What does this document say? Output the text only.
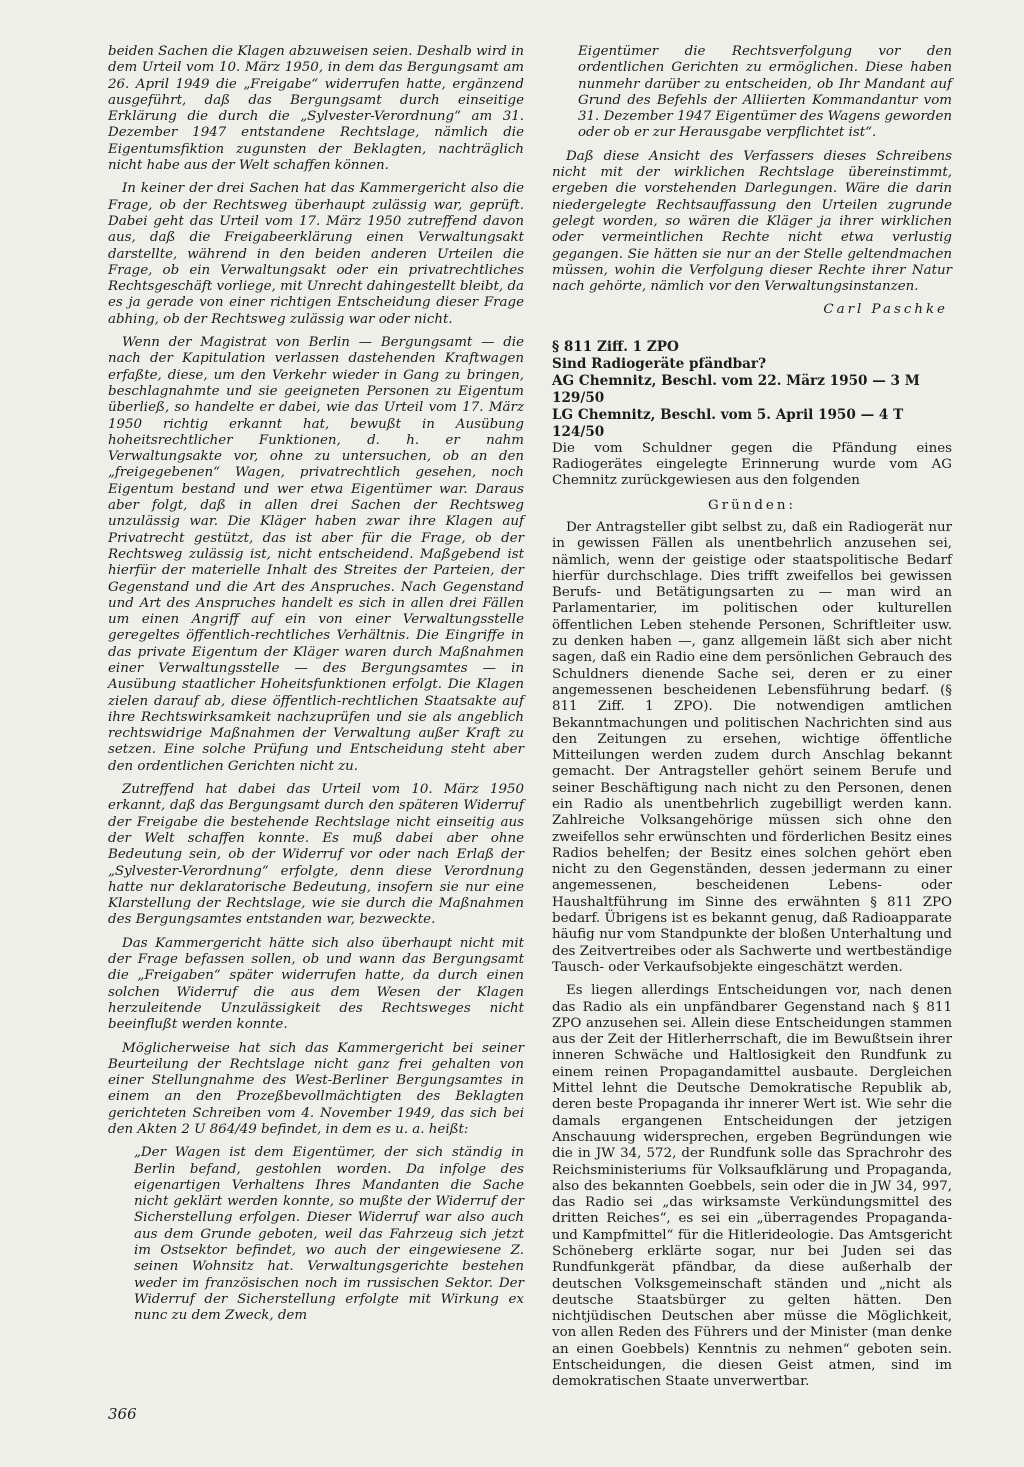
beiden Sachen die Klagen abzuweisen seien. Deshalb wird in dem Urteil vom 10. März 1950, in dem das Bergungsamt am 26. April 1949 die „Freigabe“ widerrufen hatte, ergänzend ausgeführt, daß das Bergungsamt durch einseitige Erklärung die durch die „Sylvester-Verordnung“ am 31. Dezember 1947 entstandene Rechtslage, nämlich die Eigentumsfiktion zugunsten der Beklagten, nachträglich nicht habe aus der Welt schaffen können.

In keiner der drei Sachen hat das Kammergericht also die Frage, ob der Rechtsweg überhaupt zulässig war, geprüft. Dabei geht das Urteil vom 17. März 1950 zutreffend davon aus, daß die Freigabeerklärung einen Verwaltungsakt darstellte, während in den beiden anderen Urteilen die Frage, ob ein Verwaltungsakt oder ein privatrechtliches Rechtsgeschäft vorliege, mit Unrecht dahingestellt bleibt, da es ja gerade von einer richtigen Entscheidung dieser Frage abhing, ob der Rechtsweg zulässig war oder nicht.

Wenn der Magistrat von Berlin — Bergungsamt — die nach der Kapitulation verlassen dastehenden Kraftwagen erfaßte, diese, um den Verkehr wieder in Gang zu bringen, beschlagnahmte und sie geeigneten Personen zu Eigentum überließ, so handelte er dabei, wie das Urteil vom 17. März 1950 richtig erkannt hat, bewußt in Ausübung hoheitsrechtlicher Funktionen, d. h. er nahm Verwaltungsakte vor, ohne zu untersuchen, ob an den „freigegebenen“ Wagen, privatrechtlich gesehen, noch Eigentum bestand und wer etwa Eigentümer war. Daraus aber folgt, daß in allen drei Sachen der Rechtsweg unzulässig war. Die Kläger haben zwar ihre Klagen auf Privatrecht gestützt, das ist aber für die Frage, ob der Rechtsweg zulässig ist, nicht entscheidend. Maßgebend ist hierfür der materielle Inhalt des Streites der Parteien, der Gegenstand und die Art des Anspruches. Nach Gegenstand und Art des Anspruches handelt es sich in allen drei Fällen um einen Angriff auf ein von einer Verwaltungsstelle geregeltes öffentlich-rechtliches Verhältnis. Die Eingriffe in das private Eigentum der Kläger waren durch Maßnahmen einer Verwaltungsstelle — des Bergungsamtes — in Ausübung staatlicher Hoheitsfunktionen erfolgt. Die Klagen zielen darauf ab, diese öffentlich-rechtlichen Staatsakte auf ihre Rechtswirksamkeit nachzuprüfen und sie als angeblich rechtswidrige Maßnahmen der Verwaltung außer Kraft zu setzen. Eine solche Prüfung und Entscheidung steht aber den ordentlichen Gerichten nicht zu.

Zutreffend hat dabei das Urteil vom 10. März 1950 erkannt, daß das Bergungsamt durch den späteren Widerruf der Freigabe die bestehende Rechtslage nicht einseitig aus der Welt schaffen konnte. Es muß dabei aber ohne Bedeutung sein, ob der Widerruf vor oder nach Erlaß der „Sylvester-Verordnung“ erfolgte, denn diese Verordnung hatte nur deklaratorische Bedeutung, insofern sie nur eine Klarstellung der Rechtslage, wie sie durch die Maßnahmen des Bergungsamtes entstanden war, bezweckte.

Das Kammergericht hätte sich also überhaupt nicht mit der Frage befassen sollen, ob und wann das Bergungsamt die „Freigaben“ später widerrufen hatte, da durch einen solchen Widerruf die aus dem Wesen der Klagen herzuleitende Unzulässigkeit des Rechtsweges nicht beeinflußt werden konnte.

Möglicherweise hat sich das Kammergericht bei seiner Beurteilung der Rechtslage nicht ganz frei gehalten von einer Stellungnahme des West-Berliner Bergungsamtes in einem an den Prozeßbevollmächtigten des Beklagten gerichteten Schreiben vom 4. November 1949, das sich bei den Akten 2 U 864/49 befindet, in dem es u. a. heißt:

„Der Wagen ist dem Eigentümer, der sich ständig in Berlin befand, gestohlen worden. Da infolge des eigenartigen Verhaltens Ihres Mandanten die Sache nicht geklärt werden konnte, so mußte der Widerruf der Sicherstellung erfolgen. Dieser Widerruf war also auch aus dem Grunde geboten, weil das Fahrzeug sich jetzt im Ostsektor befindet, wo auch der eingewiesene Z. seinen Wohnsitz hat. Verwaltungsgerichte bestehen weder im französischen noch im russischen Sektor. Der Widerruf der Sicherstellung erfolgte mit Wirkung ex nunc zu dem Zweck, dem

Eigentümer die Rechtsverfolgung vor den ordentlichen Gerichten zu ermöglichen. Diese haben nunmehr darüber zu entscheiden, ob Ihr Mandant auf Grund des Befehls der Alliierten Kommandantur vom 31. Dezember 1947 Eigentümer des Wagens geworden oder ob er zur Herausgabe verpflichtet ist“.

Daß diese Ansicht des Verfassers dieses Schreibens nicht mit der wirklichen Rechtslage übereinstimmt, ergeben die vorstehenden Darlegungen. Wäre die darin niedergelegte Rechtsauffassung den Urteilen zugrunde gelegt worden, so wären die Kläger ja ihrer wirklichen oder vermeintlichen Rechte nicht etwa verlustig gegangen. Sie hätten sie nur an der Stelle geltendmachen müssen, wohin die Verfolgung dieser Rechte ihrer Natur nach gehörte, nämlich vor den Verwaltungsinstanzen.

Carl Paschke

§ 811 Ziff. 1 ZPO
Sind Radiogeräte pfändbar?
AG Chemnitz, Beschl. vom 22. März 1950 — 3 M 129/50
LG Chemnitz, Beschl. vom 5. April 1950 — 4 T 124/50

Die vom Schuldner gegen die Pfändung eines Radiogerätes eingelegte Erinnerung wurde vom AG Chemnitz zurückgewiesen aus den folgenden

Gründen:

Der Antragsteller gibt selbst zu, daß ein Radiogerät nur in gewissen Fällen als unentbehrlich anzusehen sei, nämlich, wenn der geistige oder staatspolitische Bedarf hierfür durchschlage. Dies trifft zweifellos bei gewissen Berufs- und Betätigungsarten zu — man wird an Parlamentarier, im politischen oder kulturellen öffentlichen Leben stehende Personen, Schriftleiter usw. zu denken haben —, ganz allgemein läßt sich aber nicht sagen, daß ein Radio eine dem persönlichen Gebrauch des Schuldners dienende Sache sei, deren er zu einer angemessenen bescheidenen Lebensführung bedarf. (§ 811 Ziff. 1 ZPO). Die notwendigen amtlichen Bekanntmachungen und politischen Nachrichten sind aus den Zeitungen zu ersehen, wichtige öffentliche Mitteilungen werden zudem durch Anschlag bekannt gemacht. Der Antragsteller gehört seinem Berufe und seiner Beschäftigung nach nicht zu den Personen, denen ein Radio als unentbehrlich zugebilligt werden kann. Zahlreiche Volksangehörige müssen sich ohne den zweifellos sehr erwünschten und förderlichen Besitz eines Radios behelfen; der Besitz eines solchen gehört eben nicht zu den Gegenständen, dessen jedermann zu einer angemessenen, bescheidenen Lebens- oder Haushaltführung im Sinne des erwähnten § 811 ZPO bedarf. Übrigens ist es bekannt genug, daß Radioapparate häufig nur vom Standpunkte der bloßen Unterhaltung und des Zeitvertreibes oder als Sachwerte und wertbeständige Tausch- oder Verkaufsobjekte eingeschätzt werden.

Es liegen allerdings Entscheidungen vor, nach denen das Radio als ein unpfändbarer Gegenstand nach § 811 ZPO anzusehen sei. Allein diese Entscheidungen stammen aus der Zeit der Hitlerherrschaft, die im Bewußtsein ihrer inneren Schwäche und Haltlosigkeit den Rundfunk zu einem reinen Propagandamittel ausbaute. Dergleichen Mittel lehnt die Deutsche Demokratische Republik ab, deren beste Propaganda ihr innerer Wert ist. Wie sehr die damals ergangenen Entscheidungen der jetzigen Anschauung widersprechen, ergeben Begründungen wie die in JW 34, 572, der Rundfunk solle das Sprachrohr des Reichsministeriums für Volksaufklärung und Propaganda, also des bekannten Goebbels, sein oder die in JW 34, 997, das Radio sei „das wirksamste Verkündungsmittel des dritten Reiches“, es sei ein „überragendes Propaganda- und Kampfmittel“ für die Hitlerideologie. Das Amtsgericht Schöneberg erklärte sogar, nur bei Juden sei das Rundfunkgerät pfändbar, da diese außerhalb der deutschen Volksgemeinschaft ständen und „nicht als deutsche Staatsbürger zu gelten hätten. Den nichtjüdischen Deutschen aber müsse die Möglichkeit, von allen Reden des Führers und der Minister (man denke an einen Goebbels) Kenntnis zu nehmen“ geboten sein. Entscheidungen, die diesen Geist atmen, sind im demokratischen Staate unverwertbar.

366
